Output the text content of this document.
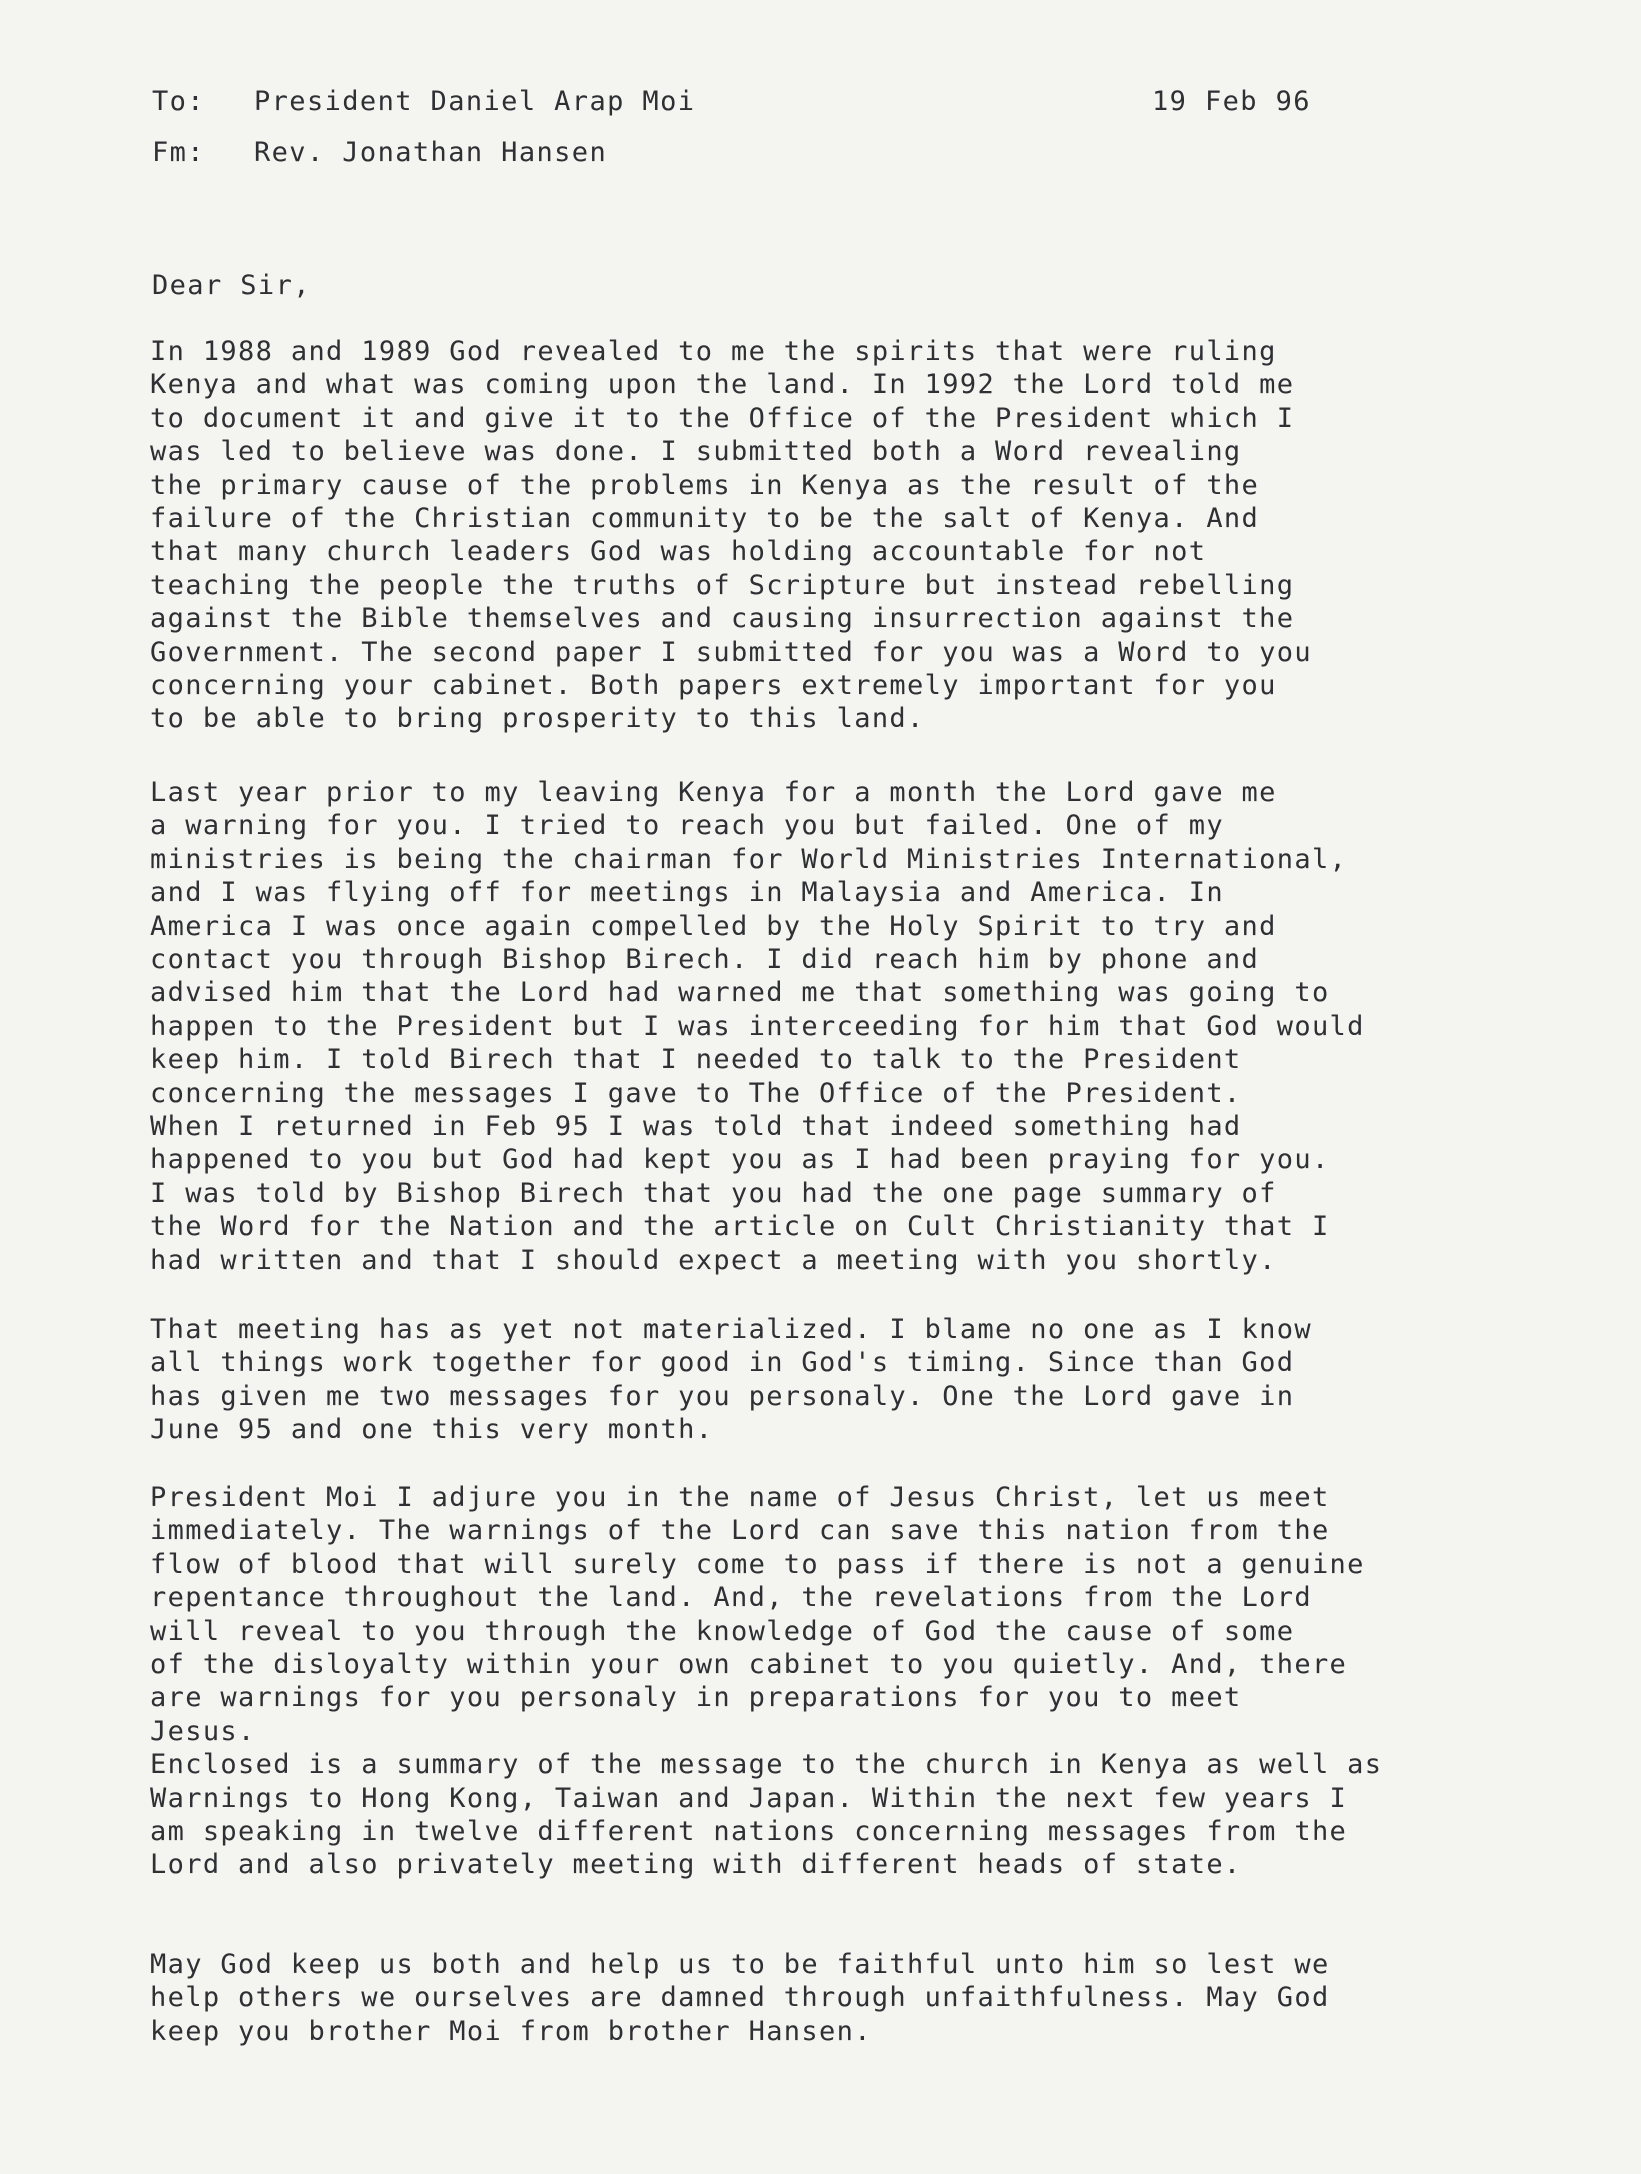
To: President Daniel Arap Moi	19 Feb 96
Fm: Rev. Jonathan Hansen
Dear Sir,

In 1988 and 1989 God revealed to me the spirits that were ruling
Kenya and what was coming upon the land. In 1992 the Lord told me
to document it and give it to the Office of the President which I
was led to believe was done. I submitted both a Word revealing
the primary cause of the problems in Kenya as the result of the
failure of the Christian community to be the salt of Kenya. And
that many church leaders God was holding accountable for not
teaching the people the truths of Scripture but instead rebelling
against the Bible themselves and causing insurrection against the
Government. The second paper I submitted for you was a Word to you
concerning your cabinet. Both papers extremely important for you
to be able to bring prosperity to this land.

Last year prior to my leaving Kenya for a month the Lord gave me
a warning for you. I tried to reach you but failed. One of my
ministries is being the chairman for World Ministries International,
and I was flying off for meetings in Malaysia and America. In
America I was once again compelled by the Holy Spirit to try and
contact you through Bishop Birech. I did reach him by phone and
advised him that the Lord had warned me that something was going to
happen to the President but I was interceeding for him that God would
keep him. I told Birech that I needed to talk to the President
concerning the messages I gave to The Office of the President.
When I returned in Feb 95 I was told that indeed something had
happened to you but God had kept you as I had been praying for you.
I was told by Bishop Birech that you had the one page summary of
the Word for the Nation and the article on Cult Christianity that I
had written and that I should expect a meeting with you shortly.

That meeting has as yet not materialized. I blame no one as I know
all things work together for good in God's timing. Since than God
has given me two messages for you personaly. One the Lord gave in
June 95 and one this very month.

President Moi I adjure you in the name of Jesus Christ, let us meet
immediately. The warnings of the Lord can save this nation from the
flow of blood that will surely come to pass if there is not a genuine
repentance throughout the land. And, the revelations from the Lord
will reveal to you through the knowledge of God the cause of some
of the disloyalty within your own cabinet to you quietly. And, there
are warnings for you personaly in preparations for you to meet
Jesus.
Enclosed is a summary of the message to the church in Kenya as well as
Warnings to Hong Kong, Taiwan and Japan. Within the next few years I
am speaking in twelve different nations concerning messages from the
Lord and also privately meeting with different heads of state.

May God keep us both and help us to be faithful unto him so lest we
help others we ourselves are damned through unfaithfulness. May God
keep you brother Moi from brother Hansen.
